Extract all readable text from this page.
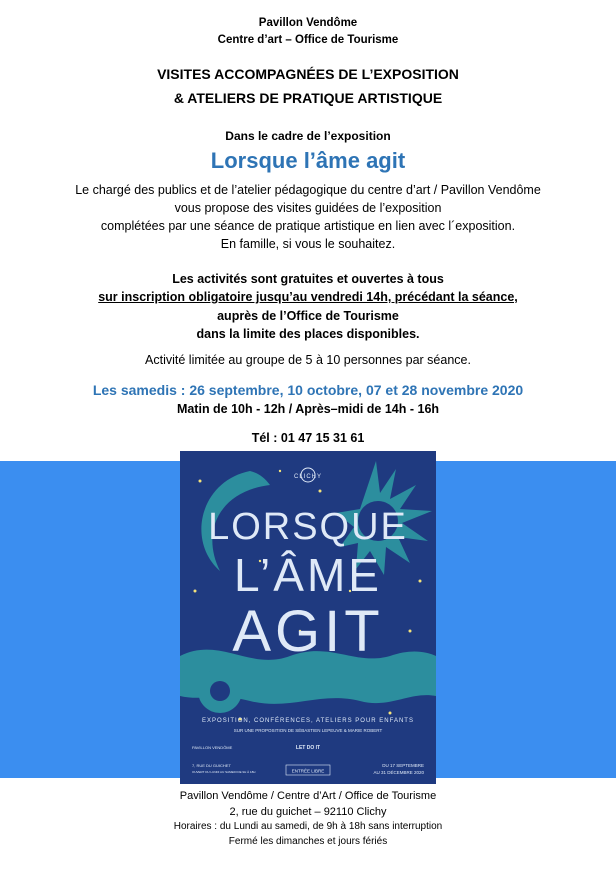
Pavillon Vendôme
Centre d’art – Office de Tourisme
VISITES ACCOMPAGNÉES DE L’EXPOSITION
& ATELIERS DE PRATIQUE ARTISTIQUE
Dans le cadre de l’exposition
Lorsque l’âme agit
Le chargé des publics et de l’atelier pédagogique du centre d’art / Pavillon Vendôme
vous propose des visites guidées de l’exposition
complétées par une séance de pratique artistique en lien avec l´exposition.
En famille, si vous le souhaitez.
Les activités sont gratuites et ouvertes à tous
sur inscription obligatoire jusqu’au vendredi 14h, précédant la séance,
auprès de l’Office de Tourisme
dans la limite des places disponibles.
Activité limitée au groupe de 5 à 10 personnes par séance.
Les samedis : 26 septembre, 10 octobre, 07 et 28 novembre 2020
Matin de 10h - 12h / Après–midi de 14h - 16h
Tél : 01 47 15 31 61
CLICHY
LORSQUE
L’ÂME
AGIT
EXPOSITION, CONFÉRENCES, ATELIERS POUR ENFANTS
SUR UNE PROPOSITION DE SÉBASTIEN LEPEUVE & MARIE ROBERT
PAVILLON VENDÔME
7, RUE DU GUICHET
OUVERT DU LUNDI AU SAMEDI DE 9H À 18H
LET DO IT
ENTRÉE LIBRE
DU 17 SEPTEMBRE
AU 31 DÉCEMBRE 2020
Pavillon Vendôme / Centre d’Art / Office de Tourisme
2, rue du guichet – 92110 Clichy
Horaires : du Lundi au samedi, de 9h à 18h sans interruption
Fermé les dimanches et jours fériés
